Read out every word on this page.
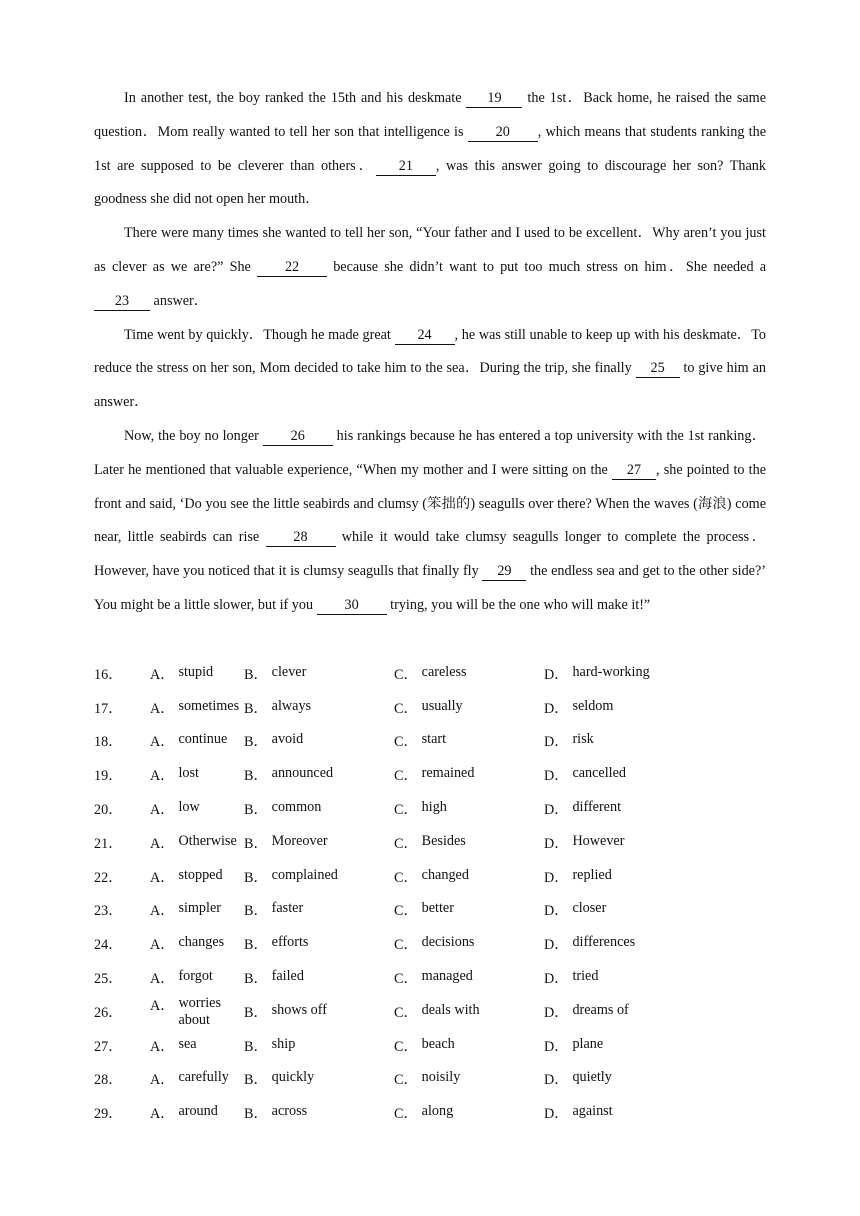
In another test, the boy ranked the 15th and his deskmate 19 the 1st．Back home, he raised the same question．Mom really wanted to tell her son that intelligence is 20 , which means that students ranking the 1st are supposed to be cleverer than others． 21 , was this answer going to discourage her son? Thank goodness she did not open her mouth．

There were many times she wanted to tell her son, “Your father and I used to be excellent．Why aren’t you just as clever as we are?” She 22 because she didn’t want to put too much stress on him．She needed a 23 answer．

Time went by quickly．Though he made great 24 , he was still unable to keep up with his deskmate．To reduce the stress on her son, Mom decided to take him to the sea．During the trip, she finally 25 to give him an answer．

Now, the boy no longer 26 his rankings because he has entered a top university with the 1st ranking．Later he mentioned that valuable experience, “When my mother and I were sitting on the 27 , she pointed to the front and said, ‘Do you see the little seabirds and clumsy (笨拙的) seagulls over there? When the waves (海浪) come near, little seabirds can rise 28 while it would take clumsy seagulls longer to complete the process．However, have you noticed that it is clumsy seagulls that finally fly 29 the endless sea and get to the other side?’ You might be a little slower, but if you 30 trying, you will be the one who will make it!”

16．	A． stupid B． clever	C． careless	D． hard-working
17．	A． sometimes B． always	C． usually	D． seldom
18．	A． continue B． avoid	C． start	D． risk
19．	A． lost	B． announced	C． remained	D． cancelled
20．	A． low	B． common	C． high	D． different
21．	A． Otherwise B． Moreover	C． Besides	D． However
22．	A． stopped B． complained	C． changed	D． replied
23．	A． simpler B． faster	C． better	D． closer
24．	A． changes B． efforts	C． decisions	D． differences
25．	A． forgot B． failed	C． managed	D． tried
26．	A． worries about	B． shows off	C． deals with	D． dreams of
27．	A． sea	B． ship	C． beach	D． plane
28．	A． carefully B． quickly	C． noisily	D． quietly
29．	A． around B． across	C． along	D． against
